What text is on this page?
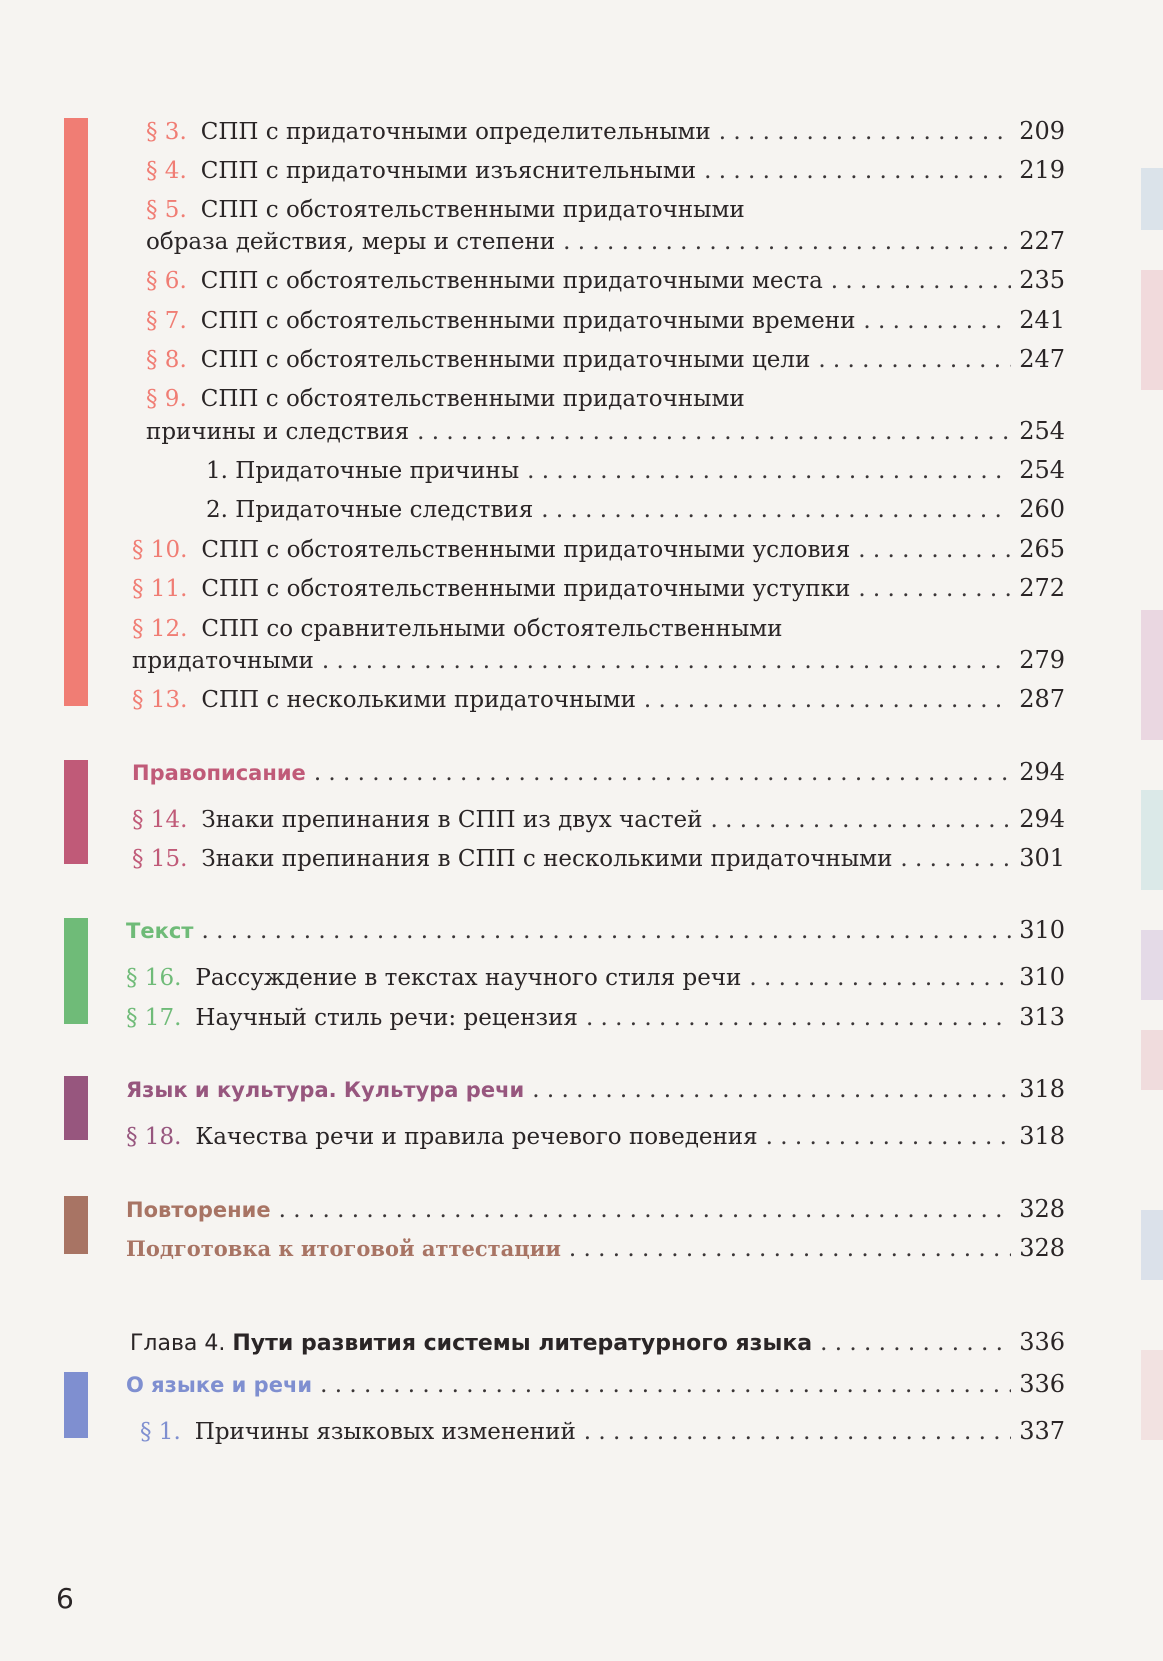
§ 3. СПП с придаточными определительными . . .	209
§ 4. СПП с придаточными изъяснительными . . .	219
§ 5. СПП с обстоятельственными придаточными
образа действия, меры и степени . . .	227
§ 6. СПП с обстоятельственными придаточными места . . .	235
§ 7. СПП с обстоятельственными придаточными времени . . .	241
§ 8. СПП с обстоятельственными придаточными цели . . .	247
§ 9. СПП с обстоятельственными придаточными
причины и следствия . . .	254
1. Придаточные причины . . .	254
2. Придаточные следствия . . .	260
§ 10. СПП с обстоятельственными придаточными условия . . .	265
§ 11. СПП с обстоятельственными придаточными уступки . . .	272
§ 12. СПП со сравнительными обстоятельственными
придаточными . . .	279
§ 13. СПП с несколькими придаточными . . .	287
Правописание . . .	294
§ 14. Знаки препинания в СПП из двух частей . . .	294
§ 15. Знаки препинания в СПП с несколькими придаточными . . .	301
Текст . . .	310
§ 16. Рассуждение в текстах научного стиля речи . . .	310
§ 17. Научный стиль речи: рецензия . . .	313
Язык и культура. Культура речи . . .	318
§ 18. Качества речи и правила речевого поведения . . .	318
Повторение . . .	328
Подготовка к итоговой аттестации . . .	328
Глава 4. Пути развития системы литературного языка . . .	336
О языке и речи . . .	336
§ 1. Причины языковых изменений . . .	337
6
